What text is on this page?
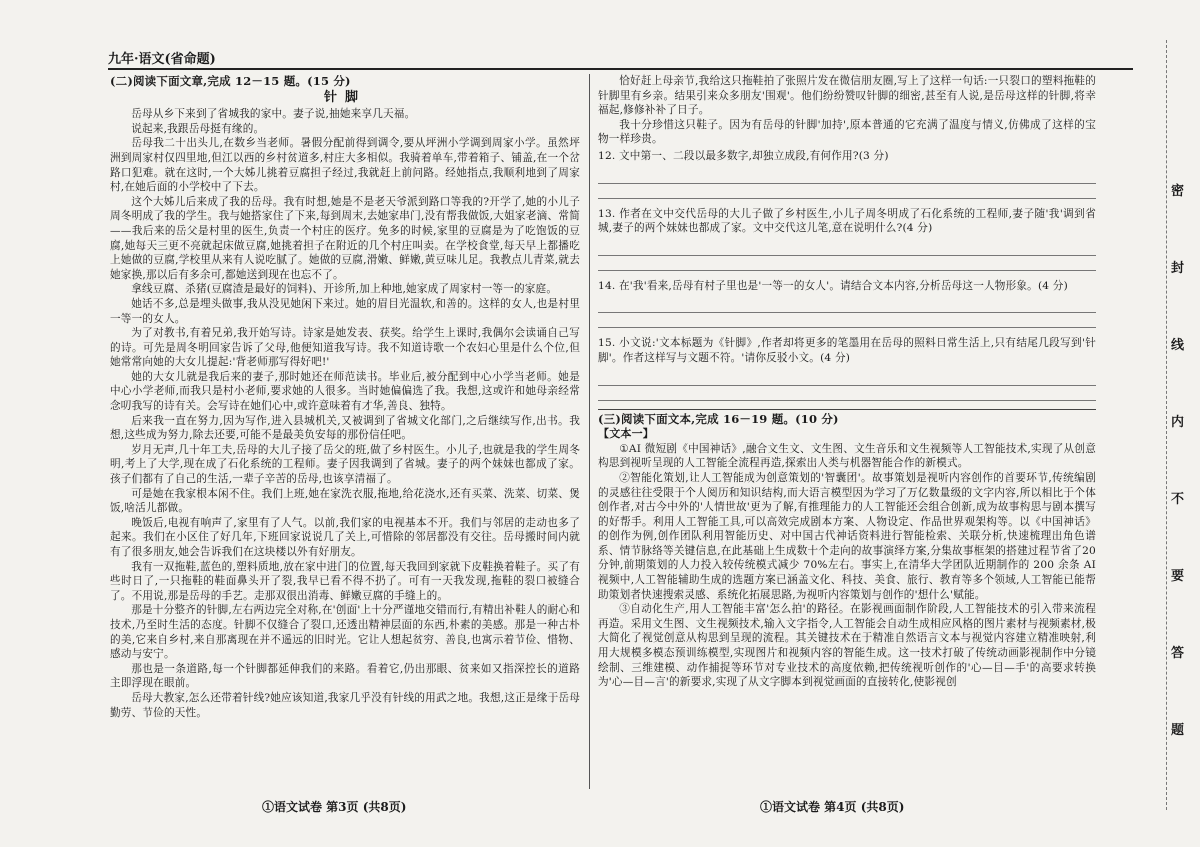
九年·语文(省命题)
(二)阅读下面文章,完成 12－15 题。(15 分)
针脚

岳母从乡下来到了省城我的家中。妻子说,抽她来享几天福。

说起来,我跟岳母挺有缘的。

岳母我二十出头儿,在数乡当老师。暑假分配前得到调令,要从坪洲小学调到周家小学。虽然坪洲到周家村仅四里地,但江以西的乡村贫道多,村庄大多相似。我骑着单车,带着箱子、铺盖,在一个岔路口犯难。就在这时,一个大姊儿挑着豆腐担子经过,我就赶上前问路。经她指点,我顺利地到了周家村,在她后面的小学校中了下去。

这个大姊儿后来成了我的岳母。我有时想,她是不是老天爷派到路口等我的?开学了,她的小儿子周冬明成了我的学生。我与她搭家住了下来,每到周末,去她家串门,没有帮我做饭,大姐家老滴、常简——我后来的岳父是村里的医生,负责一个村庄的医疗。免多的时候,家里的豆腐是为了吃饱饭的豆腐,她每天三更不亮就起床做豆腐,她挑着担子在附近的几个村庄叫卖。在学校食堂,每天早上都播吃上她做的豆腐,学校里从来有人说吃腻了。她做的豆腐,滑嫩、鲜嫩,黄豆味儿足。我教点儿青菜,就去她家换,那以后有多余可,都她送到现在也忘不了。

拿线豆腐、杀猪(豆腐渣是最好的饲料)、开诊所,加上种地,她家成了周家村一等一的家庭。

她话不多,总是埋头做事,我从没见她闲下来过。她的眉目光温软,和善的。这样的女人,也是村里一等一的女人。

为了对教书,有着兄弟,我开始写诗。诗家是她发表、获奖。给学生上课时,我偶尔会读诵自己写的诗。可先是周冬明回家告诉了父母,他便知道我写诗。我不知道诗歌一个农妇心里是什么个位,但她常常向她的大女儿提起:'背老师那写得好吧!'

她的大女儿就是我后来的妻子,那时她还在师范读书。毕业后,被分配到中心小学当老师。她是中心小学老师,而我只是村小老师,要求她的人很多。当时她偏偏选了我。我想,这或许和她母亲经常念叨我写的诗有关。会写诗在她们心中,或许意味着有才华,善良、独特。

后来我一直在努力,因为写作,进入县城机关,又被调到了省城文化部门,之后继续写作,出书。我想,这些成为努力,除去还要,可能不是最美负安每的那份信任吧。

岁月无声,几十年工夫,岳母的大儿子接了岳父的班,做了乡村医生。小儿子,也就是我的学生周冬明,考上了大学,现在成了石化系统的工程师。妻子因我调到了省城。妻子的两个妹妹也都成了家。孩子们都有了自己的生活,一辈子辛苦的岳母,也该享清福了。

可是她在我家根本闲不住。我们上班,她在家洗衣服,拖地,给花浇水,还有买菜、洗菜、切菜、煲饭,啥活儿都做。

晚饭后,电视有响声了,家里有了人气。以前,我们家的电视基本不开。我们与邻居的走动也多了起来。我们在小区住了好几年,下班回家说说几了关上,可惜除的邻居都没有交往。岳母搬时间内就有了很多朋友,她会告诉我们在这块楼以外有好朋友。

我有一双拖鞋,蓝色的,塑料质地,放在家中进门的位置,每天我回到家就下皮鞋换着鞋子。买了有些时日了,一只拖鞋的鞋面鼻头开了裂,我早已看不得不扔了。可有一天我发现,拖鞋的裂口被缝合了。不用说,那是岳母的手艺。走那双很出消毒、鲜嫩豆腐的手缝上的。

那是十分整齐的针脚,左右两边完全对称,在'创面'上十分严谨地交错而行,有精出补鞋人的耐心和技术,乃至时生活的态度。针脚不仅缝合了裂口,还透出精神层面的东西,朴素的美感。那是一种古朴的美,它来自乡村,来自那离现在并不遥远的旧时光。它让人想起贫穷、善良,也寓示着节俭、惜物、感动与安宁。

那也是一条道路,每一个针脚都延伸我们的来路。看着它,仍出那眼、贫来如又指深控长的道路主即浮现在眼前。

岳母大教家,怎么还带着针线?她应该知道,我家几乎没有针线的用武之地。我想,这正是缘于岳母勤劳、节俭的天性。

恰好赶上母亲节,我给这只拖鞋拍了张照片发在微信朋友圈,写上了这样一句话:一只裂口的塑料拖鞋的针脚里有乡亲。结果引来众多朋友'围观'。他们纷纷赞叹针脚的细密,甚至有人说,是岳母这样的针脚,将幸福起,修修补补了日子。

我十分珍惜这只鞋子。因为有岳母的针脚'加持',原本普通的它充满了温度与情义,仿佛成了这样的宝物一样珍贵。

12. 文中第一、二段以最多数字,却独立成段,有何作用?(3 分)
13. 作者在文中交代岳母的大儿子做了乡村医生,小儿子周冬明成了石化系统的工程师,妻子随'我'调到省城,妻子的两个妹妹也都成了家。文中交代这儿笔,意在说明什么?(4 分)
14. 在'我'看来,岳母有村子里也是'一等一的女人'。请结合文本内容,分析岳母这一人物形象。(4 分)
15. 小文说:'文本标题为《针脚》,作者却将更多的笔墨用在岳母的照料日常生活上,只有结尾几段写到'针脚'。作者这样写与文题不符。'请你反驳小文。(4 分)
(三)阅读下面文本,完成 16－19 题。(10 分)
【文本一】

①AI 微短剧《中国神话》,融合文生文、文生图、文生音乐和文生视频等人工智能技术,实现了从创意构思到视听呈现的人工智能全流程再造,探索出人类与机器智能合作的新模式。

②智能化策划,让人工智能成为创意策划的'智囊团'。故事策划是视听内容创作的首要环节,传统编剧的灵感往往受限于个人阅历和知识结构,而大语言模型因为学习了万亿数量级的文字内容,所以相比于个体创作者,对古今中外的'人情世故'更为了解,有推理能力的人工智能还会组合创新,成为故事构思与剧本撰写的好帮手。利用人工智能工具,可以高效完成剧本方案、人物设定、作品世界观架构等。以《中国神话》的创作为例,创作团队利用智能历史、对中国古代神话资料进行智能检索、关联分析,快速梳理出角色谱系、情节脉络等关键信息,在此基础上生成数十个走向的故事演绎方案,分集故事框架的搭建过程节省了20分钟,前期策划的人力投入较传统模式减少 70%左右。事实上,在清华大学团队近期制作的 200 余条 AI 视频中,人工智能辅助生成的选题方案已涵盖文化、科技、美食、旅行、教育等多个领域,人工智能已能帮助策划者快速搜索灵感、系统化拓展思路,为视听内容策划与创作的'想什么'赋能。

③自动化生产,用人工智能丰富'怎么拍'的路径。在影视画面制作阶段,人工智能技术的引入带来流程再造。采用文生图、文生视频技术,输入文字指令,人工智能会自动生成相应风格的图片素材与视频素材,极大简化了视觉创意从构思到呈现的流程。其关键技术在于精准自然语言文本与视觉内容建立精准映射,利用大规模多模态预训练模型,实现图片和视频内容的智能生成。这一技术打破了传统动画影视制作中分镜绘制、三维建模、动作捕捉等环节对专业技术的高度依赖,把传统视听创作的'心—目—手'的高要求转换为'心—目—言'的新要求,实现了从文字脚本到视觉画面的直接转化,使影视创

①语文试卷 第3页 (共8页)	①语文试卷 第4页 (共8页)
密
封
线
内
不
要
答
题
